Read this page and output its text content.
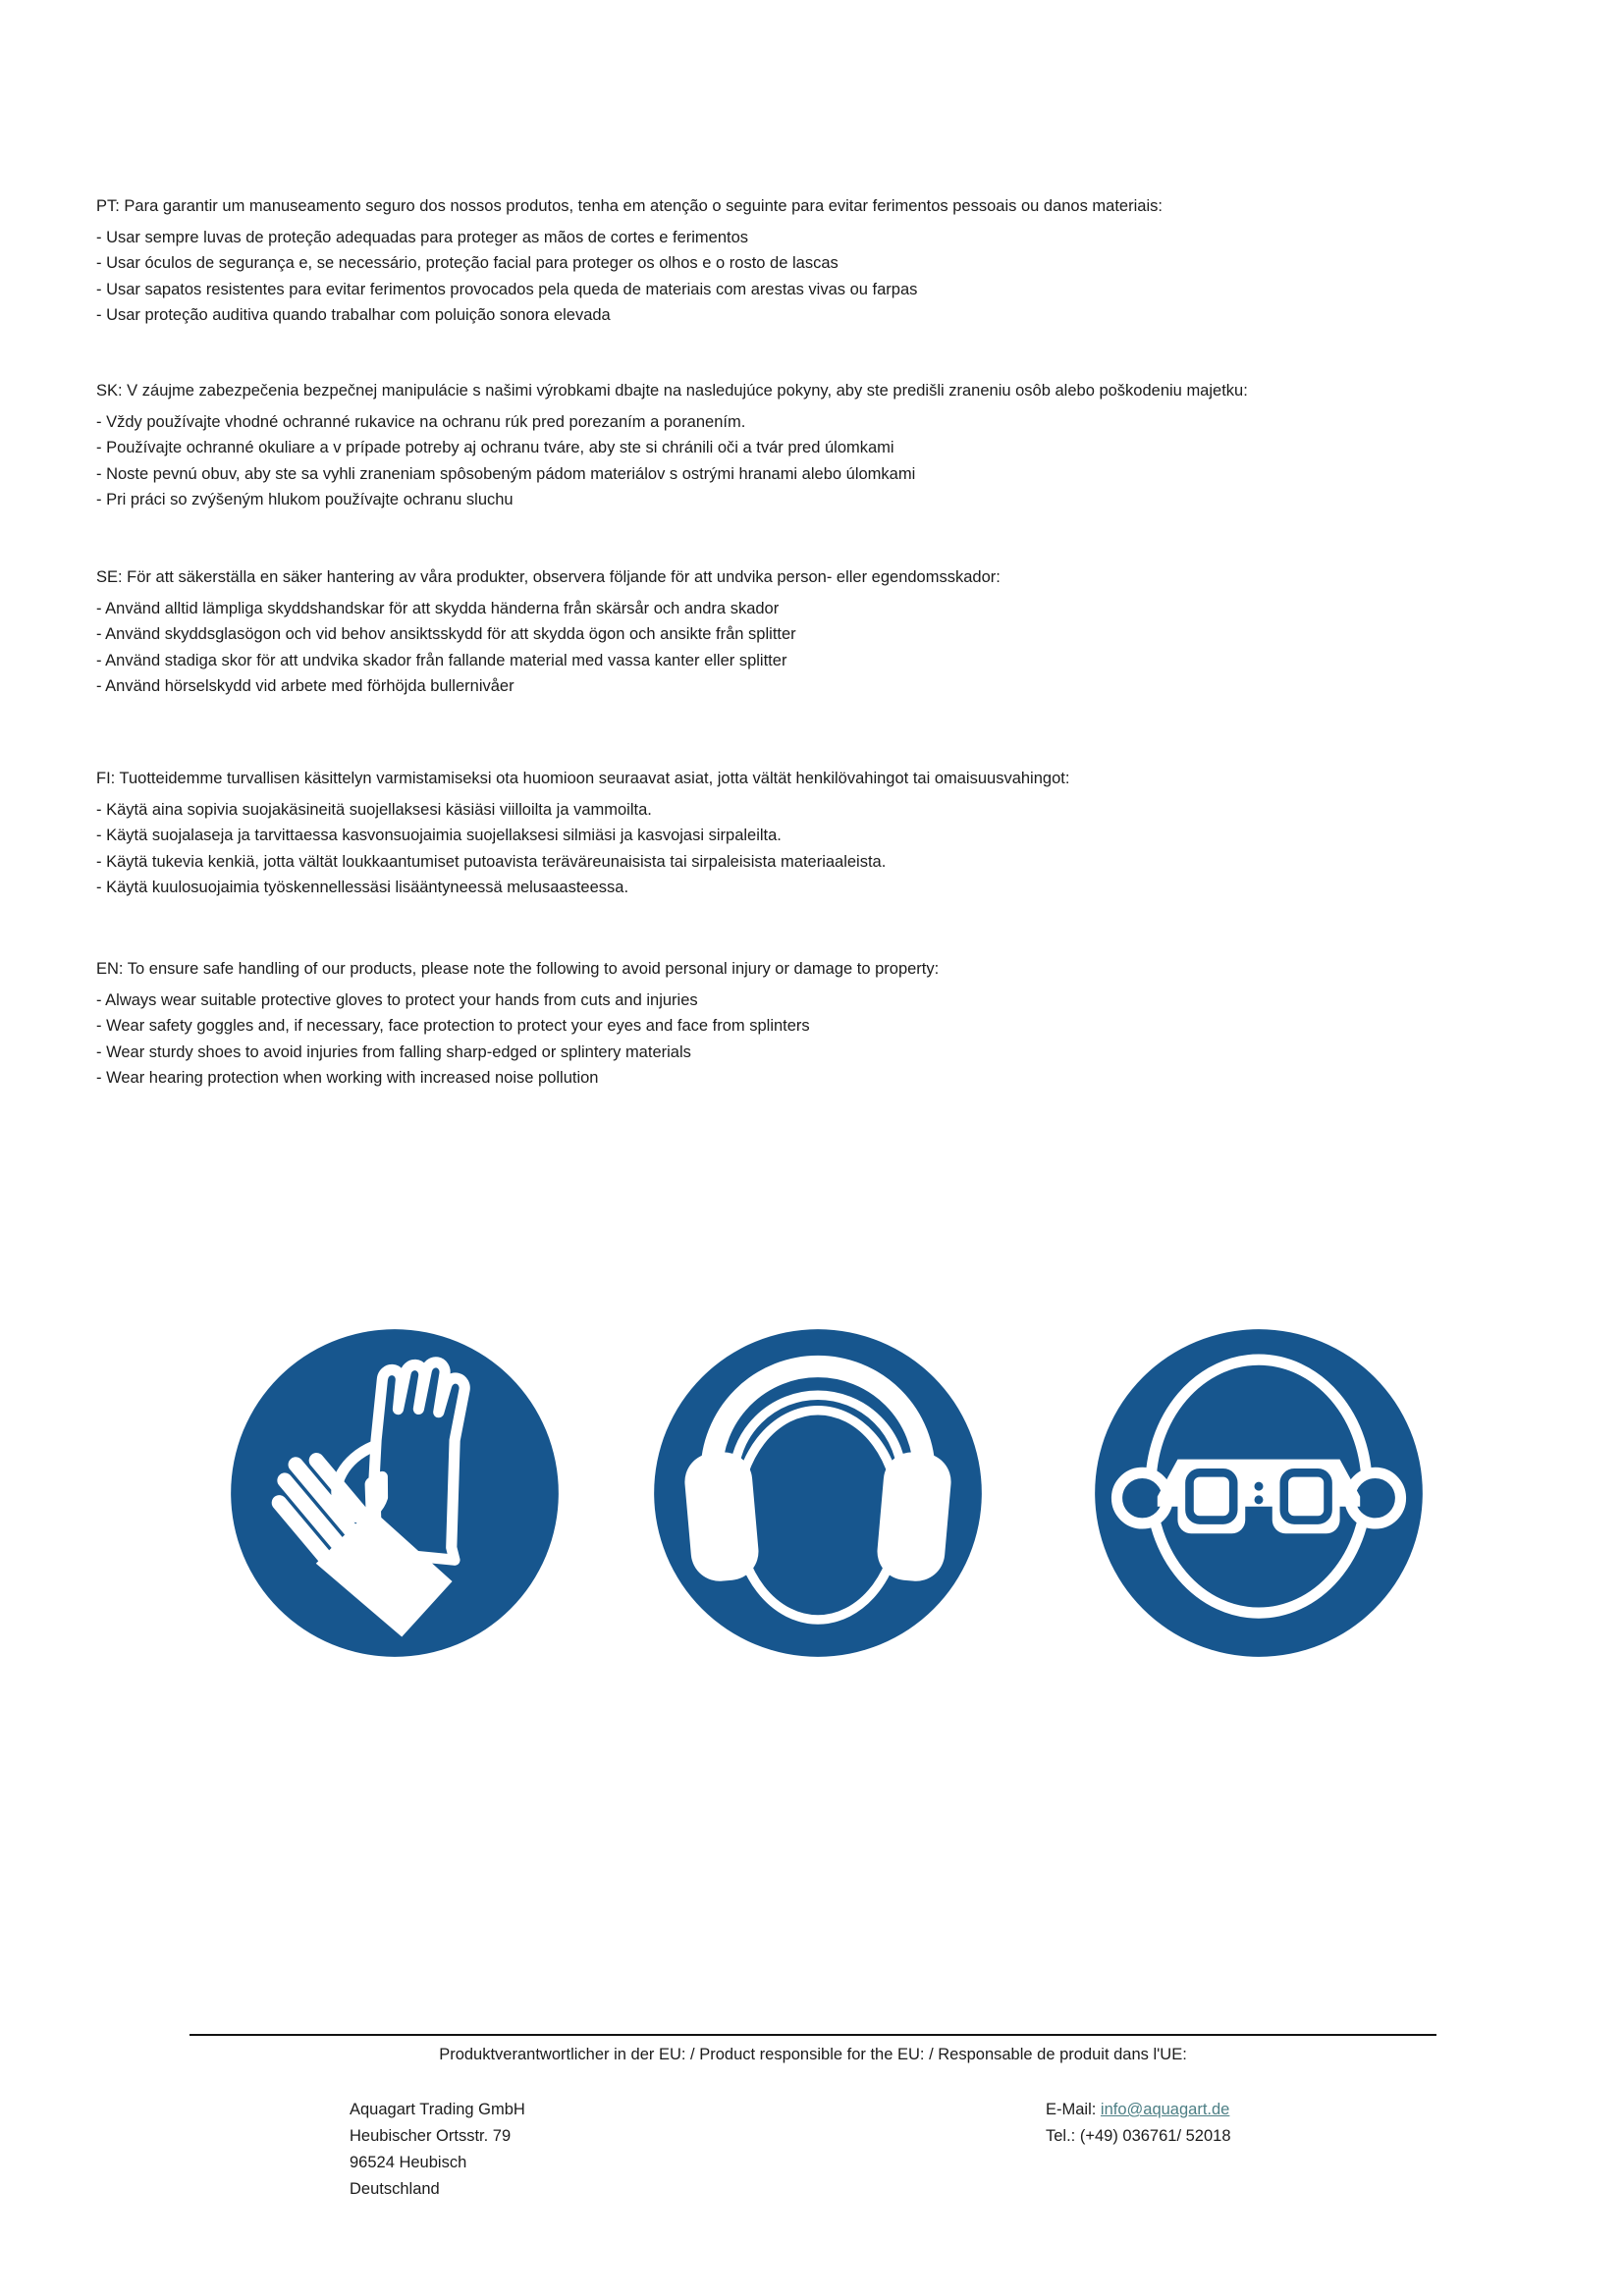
PT: Para garantir um manuseamento seguro dos nossos produtos, tenha em atenção o seguinte para evitar ferimentos pessoais ou danos materiais:
- Usar sempre luvas de proteção adequadas para proteger as mãos de cortes e ferimentos
- Usar óculos de segurança e, se necessário, proteção facial para proteger os olhos e o rosto de lascas
- Usar sapatos resistentes para evitar ferimentos provocados pela queda de materiais com arestas vivas ou farpas
- Usar proteção auditiva quando trabalhar com poluição sonora elevada
SK: V záujme zabezpečenia bezpečnej manipulácie s našimi výrobkami dbajte na nasledujúce pokyny, aby ste predišli zraneniu osôb alebo poškodeniu majetku:
- Vždy používajte vhodné ochranné rukavice na ochranu rúk pred porezaním a poranením.
- Používajte ochranné okuliare a v prípade potreby aj ochranu tváre, aby ste si chránili oči a tvár pred úlomkami
- Noste pevnú obuv, aby ste sa vyhli zraneniam spôsobeným pádom materiálov s ostrými hranami alebo úlomkami
- Pri práci so zvýšeným hlukom používajte ochranu sluchu
SE: För att säkerställa en säker hantering av våra produkter, observera följande för att undvika person- eller egendomsskador:
- Använd alltid lämpliga skyddshandskar för att skydda händerna från skärsår och andra skador
- Använd skyddsglasögon och vid behov ansiktsskydd för att skydda ögon och ansikte från splitter
- Använd stadiga skor för att undvika skador från fallande material med vassa kanter eller splitter
- Använd hörselskydd vid arbete med förhöjda bullernivåer
FI: Tuotteidemme turvallisen käsittelyn varmistamiseksi ota huomioon seuraavat asiat, jotta vältät henkilövahingot tai omaisuusvahingot:
- Käytä aina sopivia suojakäsineitä suojellaksesi käsiäsi viilloilta ja vammoilta.
- Käytä suojalaseja ja tarvittaessa kasvonsuojaimia suojellaksesi silmiäsi ja kasvojasi sirpaleilta.
- Käytä tukevia kenkiä, jotta vältät loukkaantumiset putoavista teräväreunaisista tai sirpaleisista materiaaleista.
- Käytä kuulosuojaimia työskennellessäsi lisääntyneessä melusaasteessa.
EN: To ensure safe handling of our products, please note the following to avoid personal injury or damage to property:
- Always wear suitable protective gloves to protect your hands from cuts and injuries
- Wear safety goggles and, if necessary, face protection to protect your eyes and face from splinters
- Wear sturdy shoes to avoid injuries from falling sharp-edged or splintery materials
- Wear hearing protection when working with increased noise pollution
Produktverantwortlicher in der EU: / Product responsible for the EU: / Responsable de produit dans l'UE:
Aquagart Trading GmbH
Heubischer Ortsstr. 79
96524 Heubisch
Deutschland
E-Mail: info@aquagart.de
Tel.: (+49) 036761/ 52018
